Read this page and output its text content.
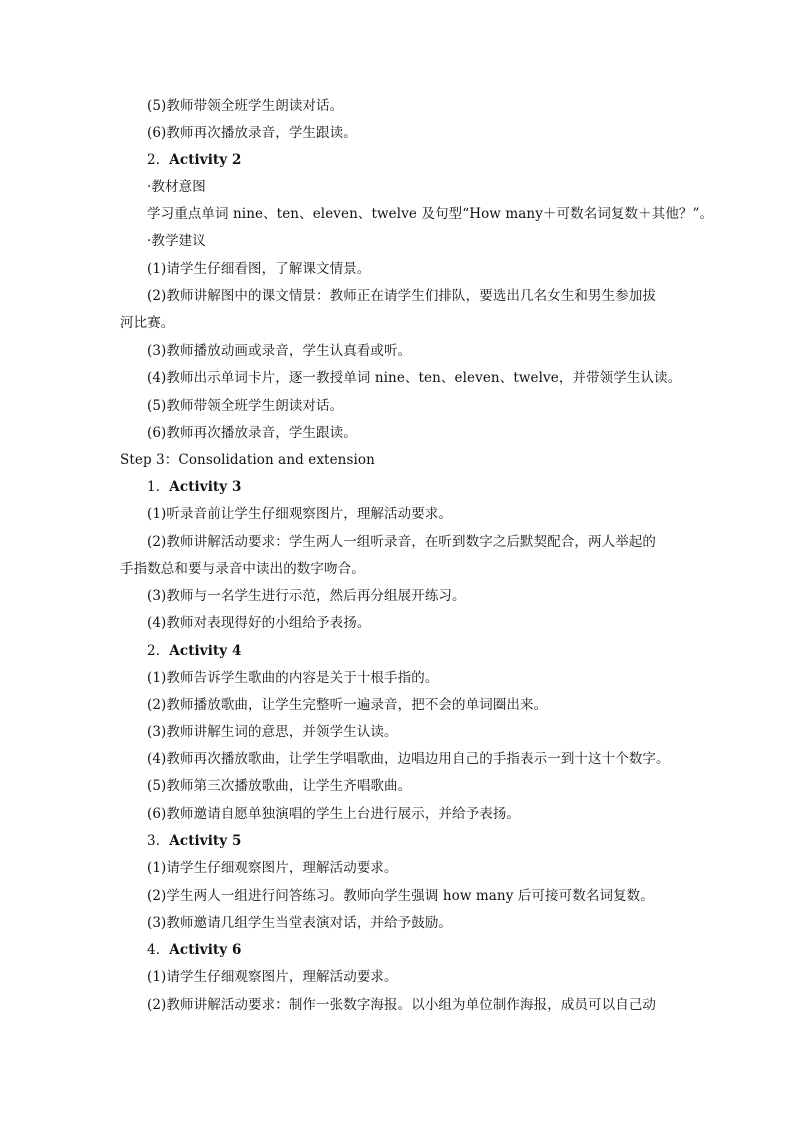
(5)教师带领全班学生朗读对话。
(6)教师再次播放录音，学生跟读。
2．Activity 2
·教材意图
学习重点单词 nine、ten、eleven、twelve 及句型“How many＋可数名词复数＋其他？”。
·教学建议
(1)请学生仔细看图，了解课文情景。
(2)教师讲解图中的课文情景：教师正在请学生们排队，要选出几名女生和男生参加拔
河比赛。
(3)教师播放动画或录音，学生认真看或听。
(4)教师出示单词卡片，逐一教授单词 nine、ten、eleven、twelve，并带领学生认读。
(5)教师带领全班学生朗读对话。
(6)教师再次播放录音，学生跟读。
Step 3：Consolidation and extension
1．Activity 3
(1)听录音前让学生仔细观察图片，理解活动要求。
(2)教师讲解活动要求：学生两人一组听录音，在听到数字之后默契配合，两人举起的
手指数总和要与录音中读出的数字吻合。
(3)教师与一名学生进行示范，然后再分组展开练习。
(4)教师对表现得好的小组给予表扬。
2．Activity 4
(1)教师告诉学生歌曲的内容是关于十根手指的。
(2)教师播放歌曲，让学生完整听一遍录音，把不会的单词圈出来。
(3)教师讲解生词的意思，并领学生认读。
(4)教师再次播放歌曲，让学生学唱歌曲，边唱边用自己的手指表示一到十这十个数字。
(5)教师第三次播放歌曲，让学生齐唱歌曲。
(6)教师邀请自愿单独演唱的学生上台进行展示，并给予表扬。
3．Activity 5
(1)请学生仔细观察图片，理解活动要求。
(2)学生两人一组进行问答练习。教师向学生强调 how many 后可接可数名词复数。
(3)教师邀请几组学生当堂表演对话，并给予鼓励。
4．Activity 6
(1)请学生仔细观察图片，理解活动要求。
(2)教师讲解活动要求：制作一张数字海报。以小组为单位制作海报，成员可以自己动
